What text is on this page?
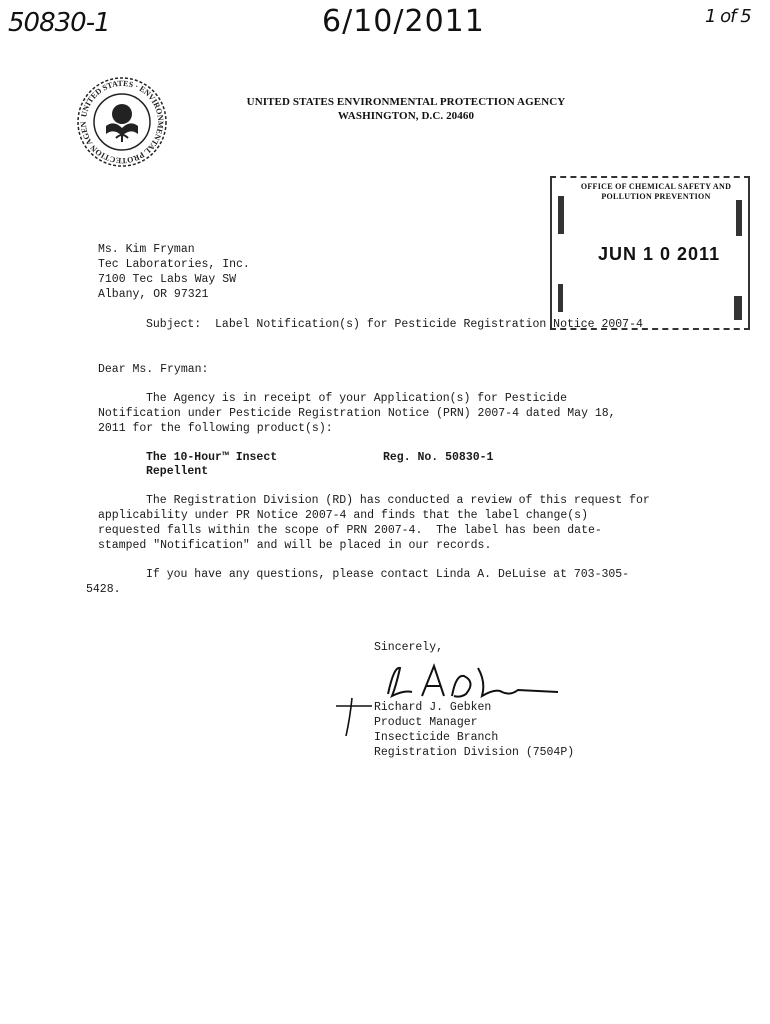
50830-1	6/10/2011	1 of 5
UNITED STATES · ENVIRONMENTAL PROTECTION AGEN
UNITED STATES ENVIRONMENTAL PROTECTION AGENCY
WASHINGTON, D.C. 20460
OFFICE OF CHEMICAL SAFETY AND POLLUTION PREVENTION
JUN 1 0 2011
Ms. Kim Fryman
Tec Laboratories, Inc.
7100 Tec Labs Way SW
Albany, OR 97321
Subject:  Label Notification(s) for Pesticide Registration Notice 2007-4
Dear Ms. Fryman:
The Agency is in receipt of your Application(s) for Pesticide
Notification under Pesticide Registration Notice (PRN) 2007-4 dated May 18,
2011 for the following product(s):
The 10-Hour™ Insect
Repellent
Reg. No. 50830-1
The Registration Division (RD) has conducted a review of this request for
applicability under PR Notice 2007-4 and finds that the label change(s)
requested falls within the scope of PRN 2007-4.  The label has been date-
stamped "Notification" and will be placed in our records.
If you have any questions, please contact Linda A. DeLuise at 703-305-
5428.
Sincerely,
L. A. DeLuise
Richard J. Gebken
Product Manager
Insecticide Branch
Registration Division (7504P)
